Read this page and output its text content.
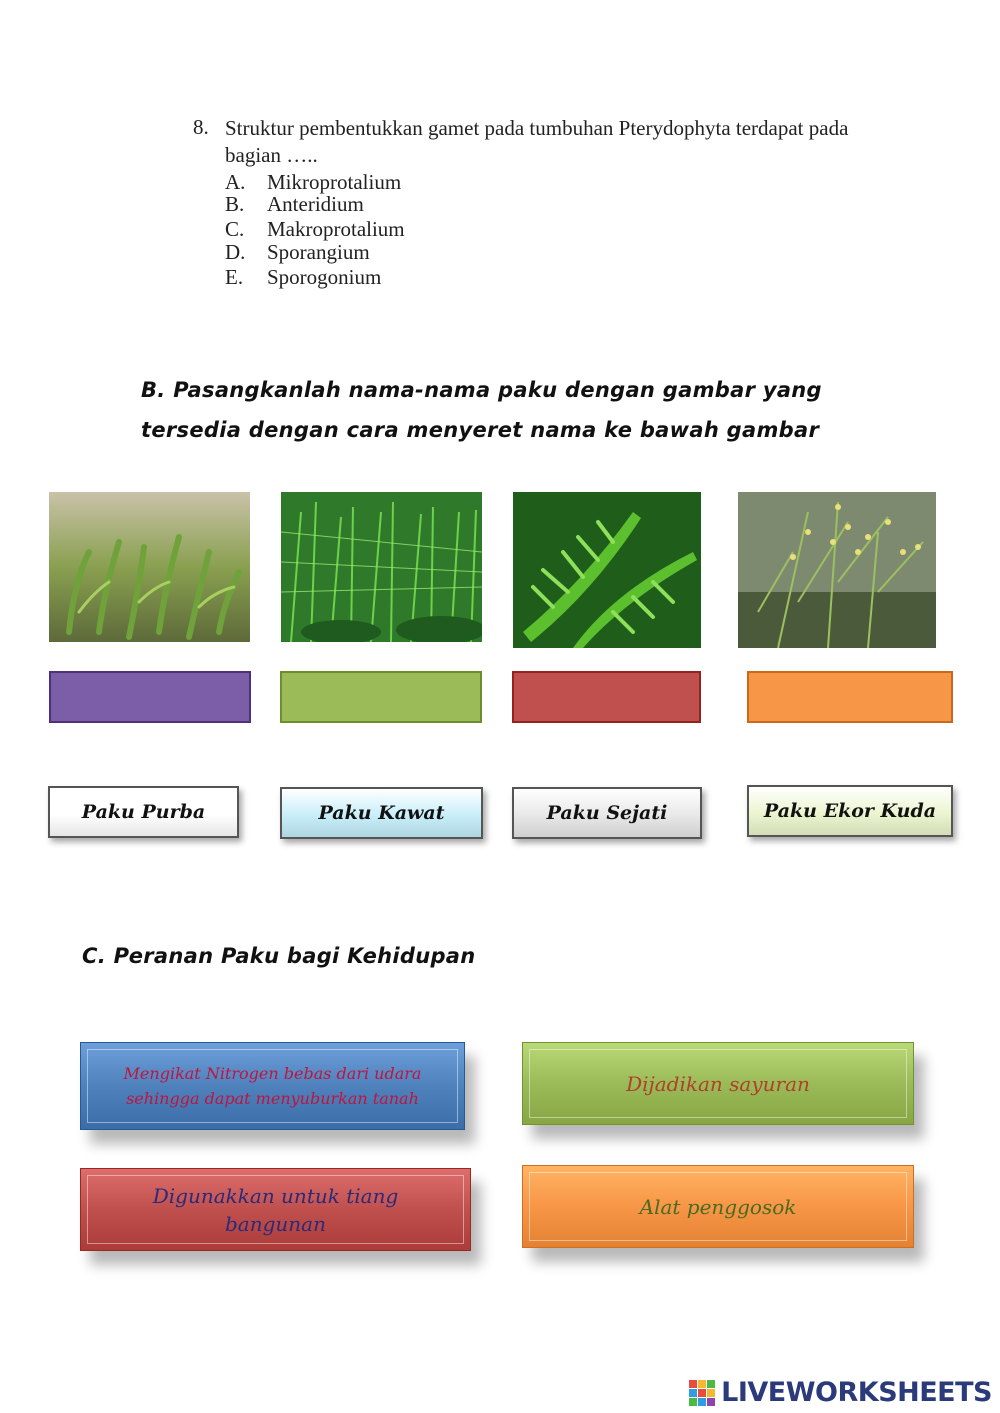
8. Struktur pembentukkan gamet pada tumbuhan Pterydophyta terdapat pada bagian …..
A. Mikroprotalium
B. Anteridium
C. Makroprotalium
D. Sporangium
E. Sporogonium
B. Pasangkanlah nama-nama paku dengan gambar yang
tersedia dengan cara menyeret nama ke bawah gambar
Paku Purba	Paku Kawat	Paku Sejati	Paku Ekor Kuda
C. Peranan Paku bagi Kehidupan
Mengikat Nitrogen bebas dari udara sehingga dapat menyuburkan tanah
Dijadikan sayuran
Digunakkan untuk tiang bangunan
Alat penggosok
LIVEWORKSHEETS
